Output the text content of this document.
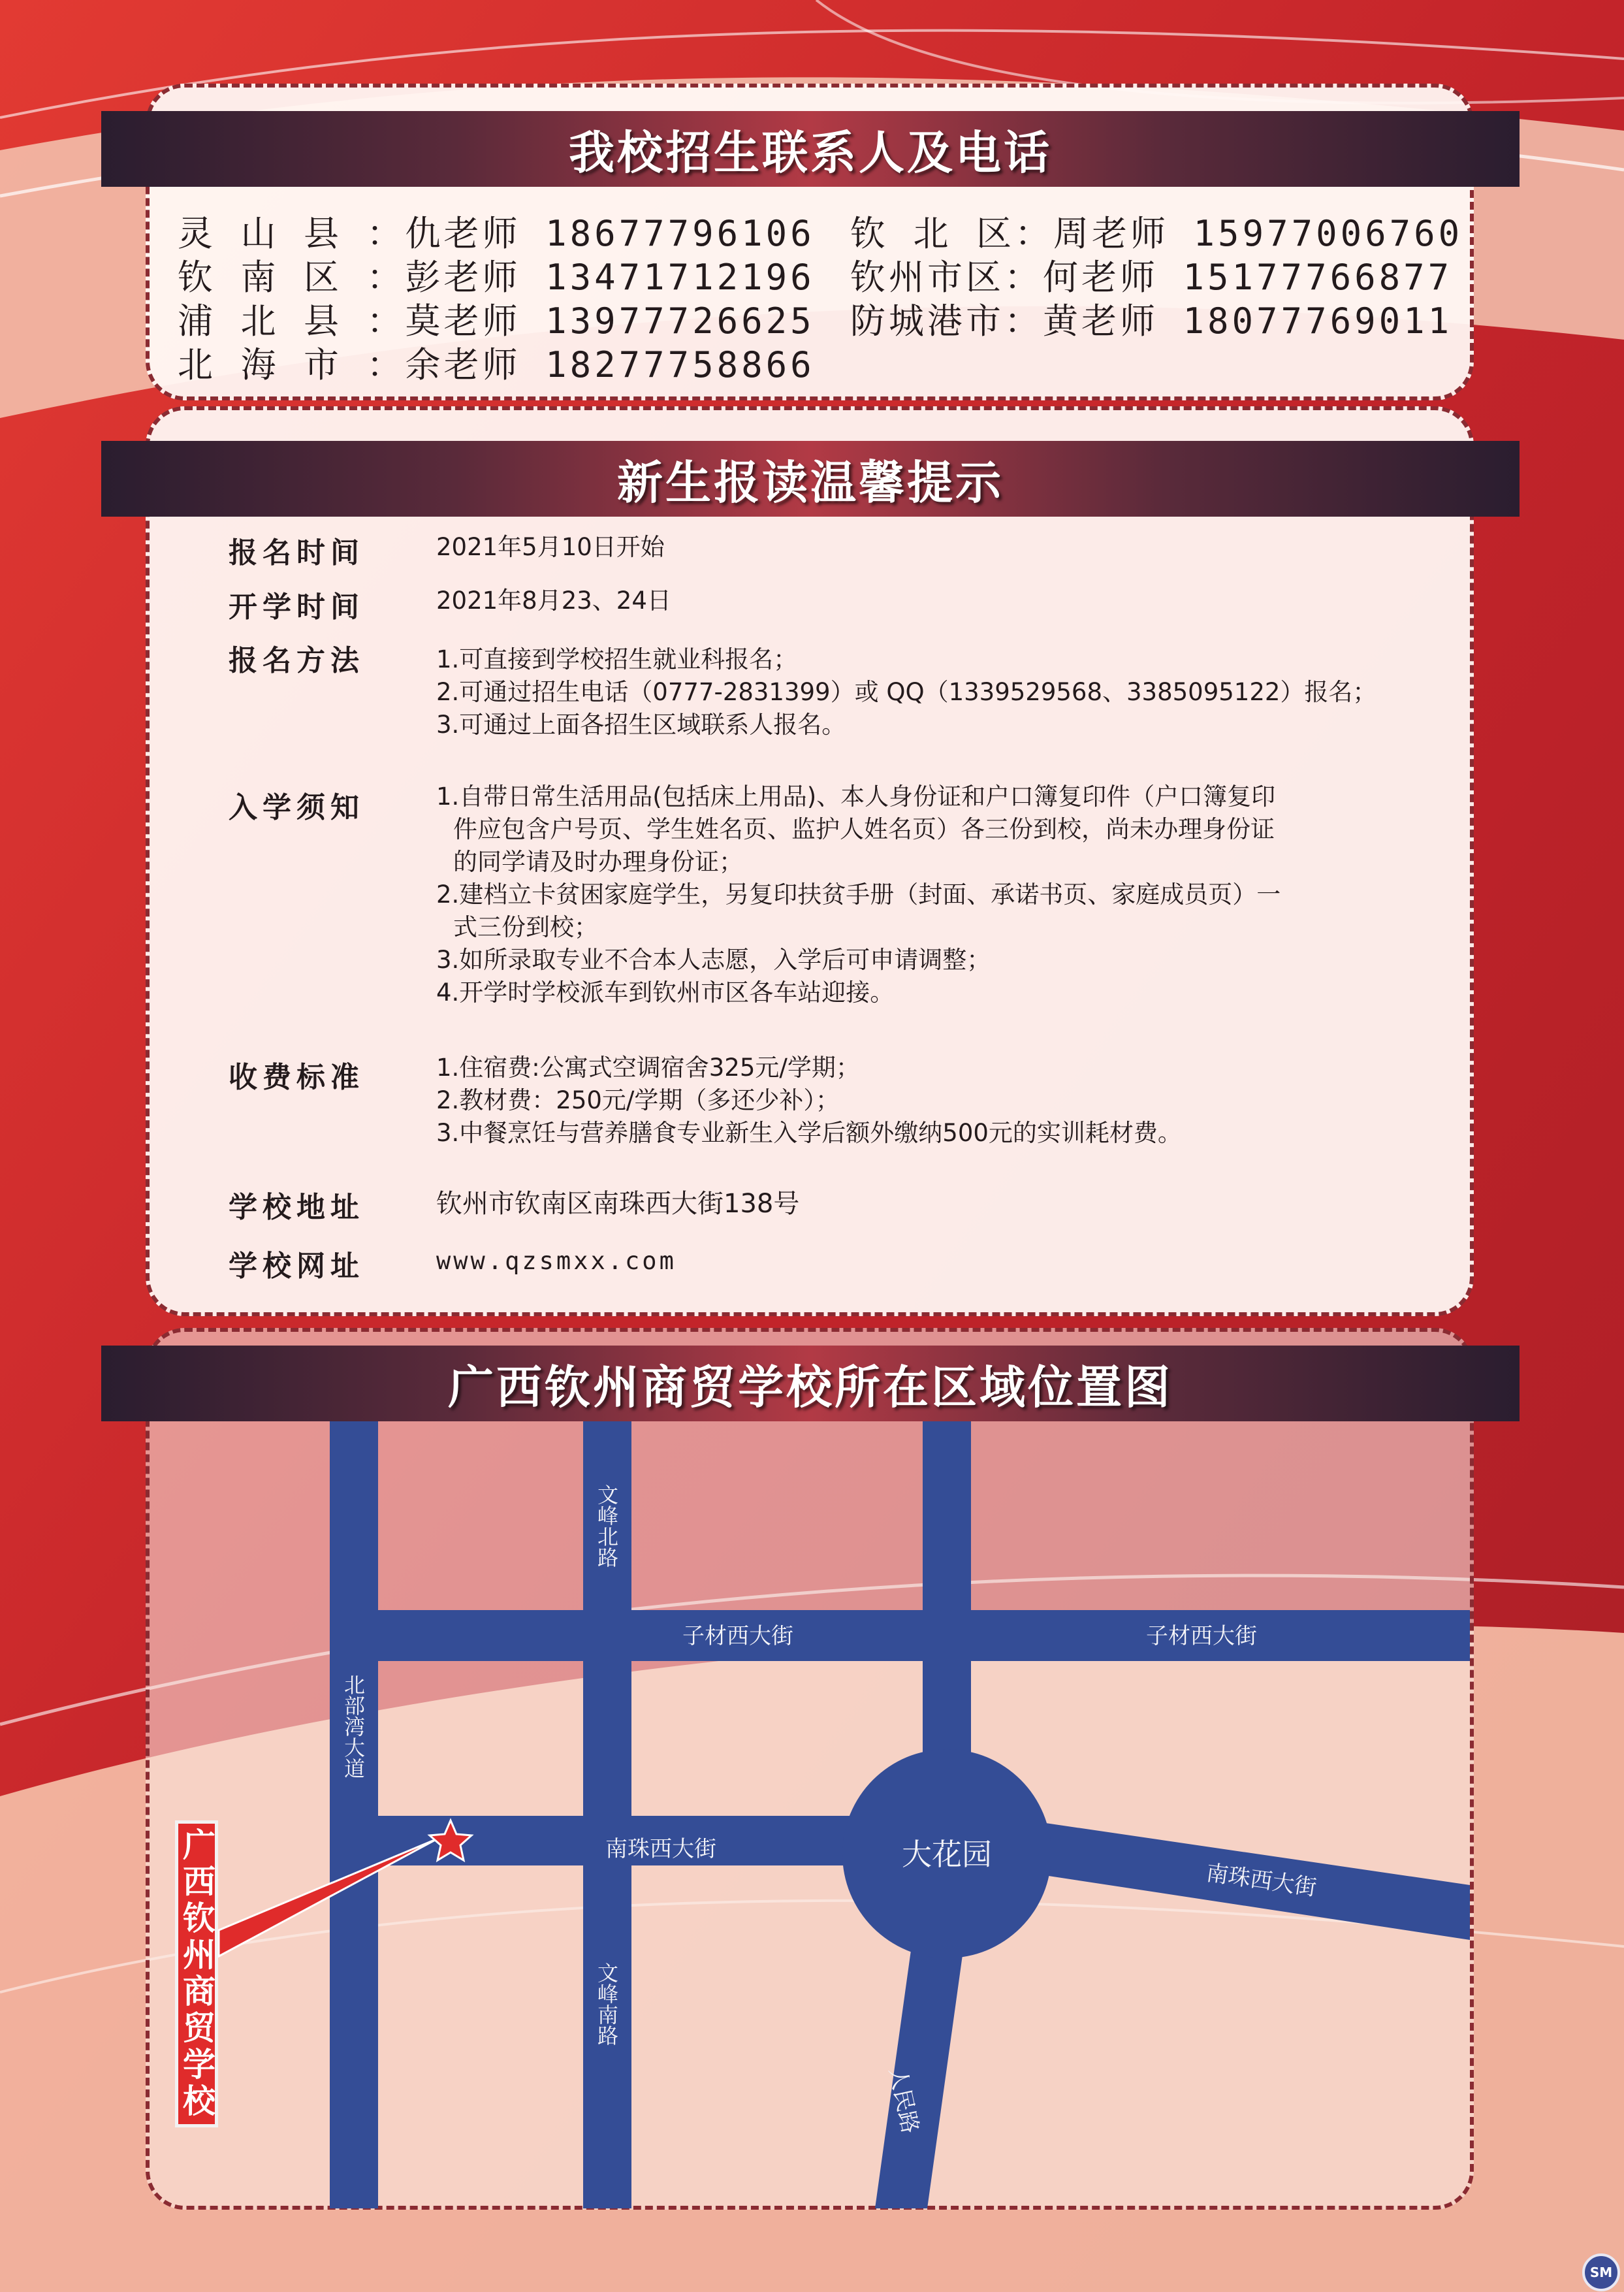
我校招生联系人及电话
灵 山 县 ：仇老师 18677796106
钦 南 区 ：彭老师 13471712196
浦 北 县 ：莫老师 13977726625
北 海 市 ：余老师 18277758866
钦 北 区：周老师 15977006760
钦州市区：何老师 15177766877
防城港市：黄老师 18077769011
新生报读温馨提示
报名时间	2021年5月10日开始
开学时间	2021年8月23、24日
报名方法	1.可直接到学校招生就业科报名；
2.可通过招生电话（0777-2831399）或 QQ（1339529568、3385095122）报名；
3.可通过上面各招生区域联系人报名。
入学须知	1.自带日常生活用品(包括床上用品)、本人身份证和户口簿复印件（户口簿复印
件应包含户号页、学生姓名页、监护人姓名页）各三份到校，尚未办理身份证
的同学请及时办理身份证；
2.建档立卡贫困家庭学生，另复印扶贫手册（封面、承诺书页、家庭成员页）一
式三份到校；
3.如所录取专业不合本人志愿，入学后可申请调整；
4.开学时学校派车到钦州市区各车站迎接。
收费标准	1.住宿费:公寓式空调宿舍325元/学期；
2.教材费：250元/学期（多还少补）；
3.中餐烹饪与营养膳食专业新生入学后额外缴纳500元的实训耗材费。
学校地址	钦州市钦南区南珠西大街138号
学校网址	www.qzsmxx.com
广西钦州商贸学校所在区域位置图
子材西大街	子材西大街
南珠西大街
南珠西大街
人民路
大花园
文峰北路
北部湾大道
文峰南路
广西钦州商贸学校
SM
